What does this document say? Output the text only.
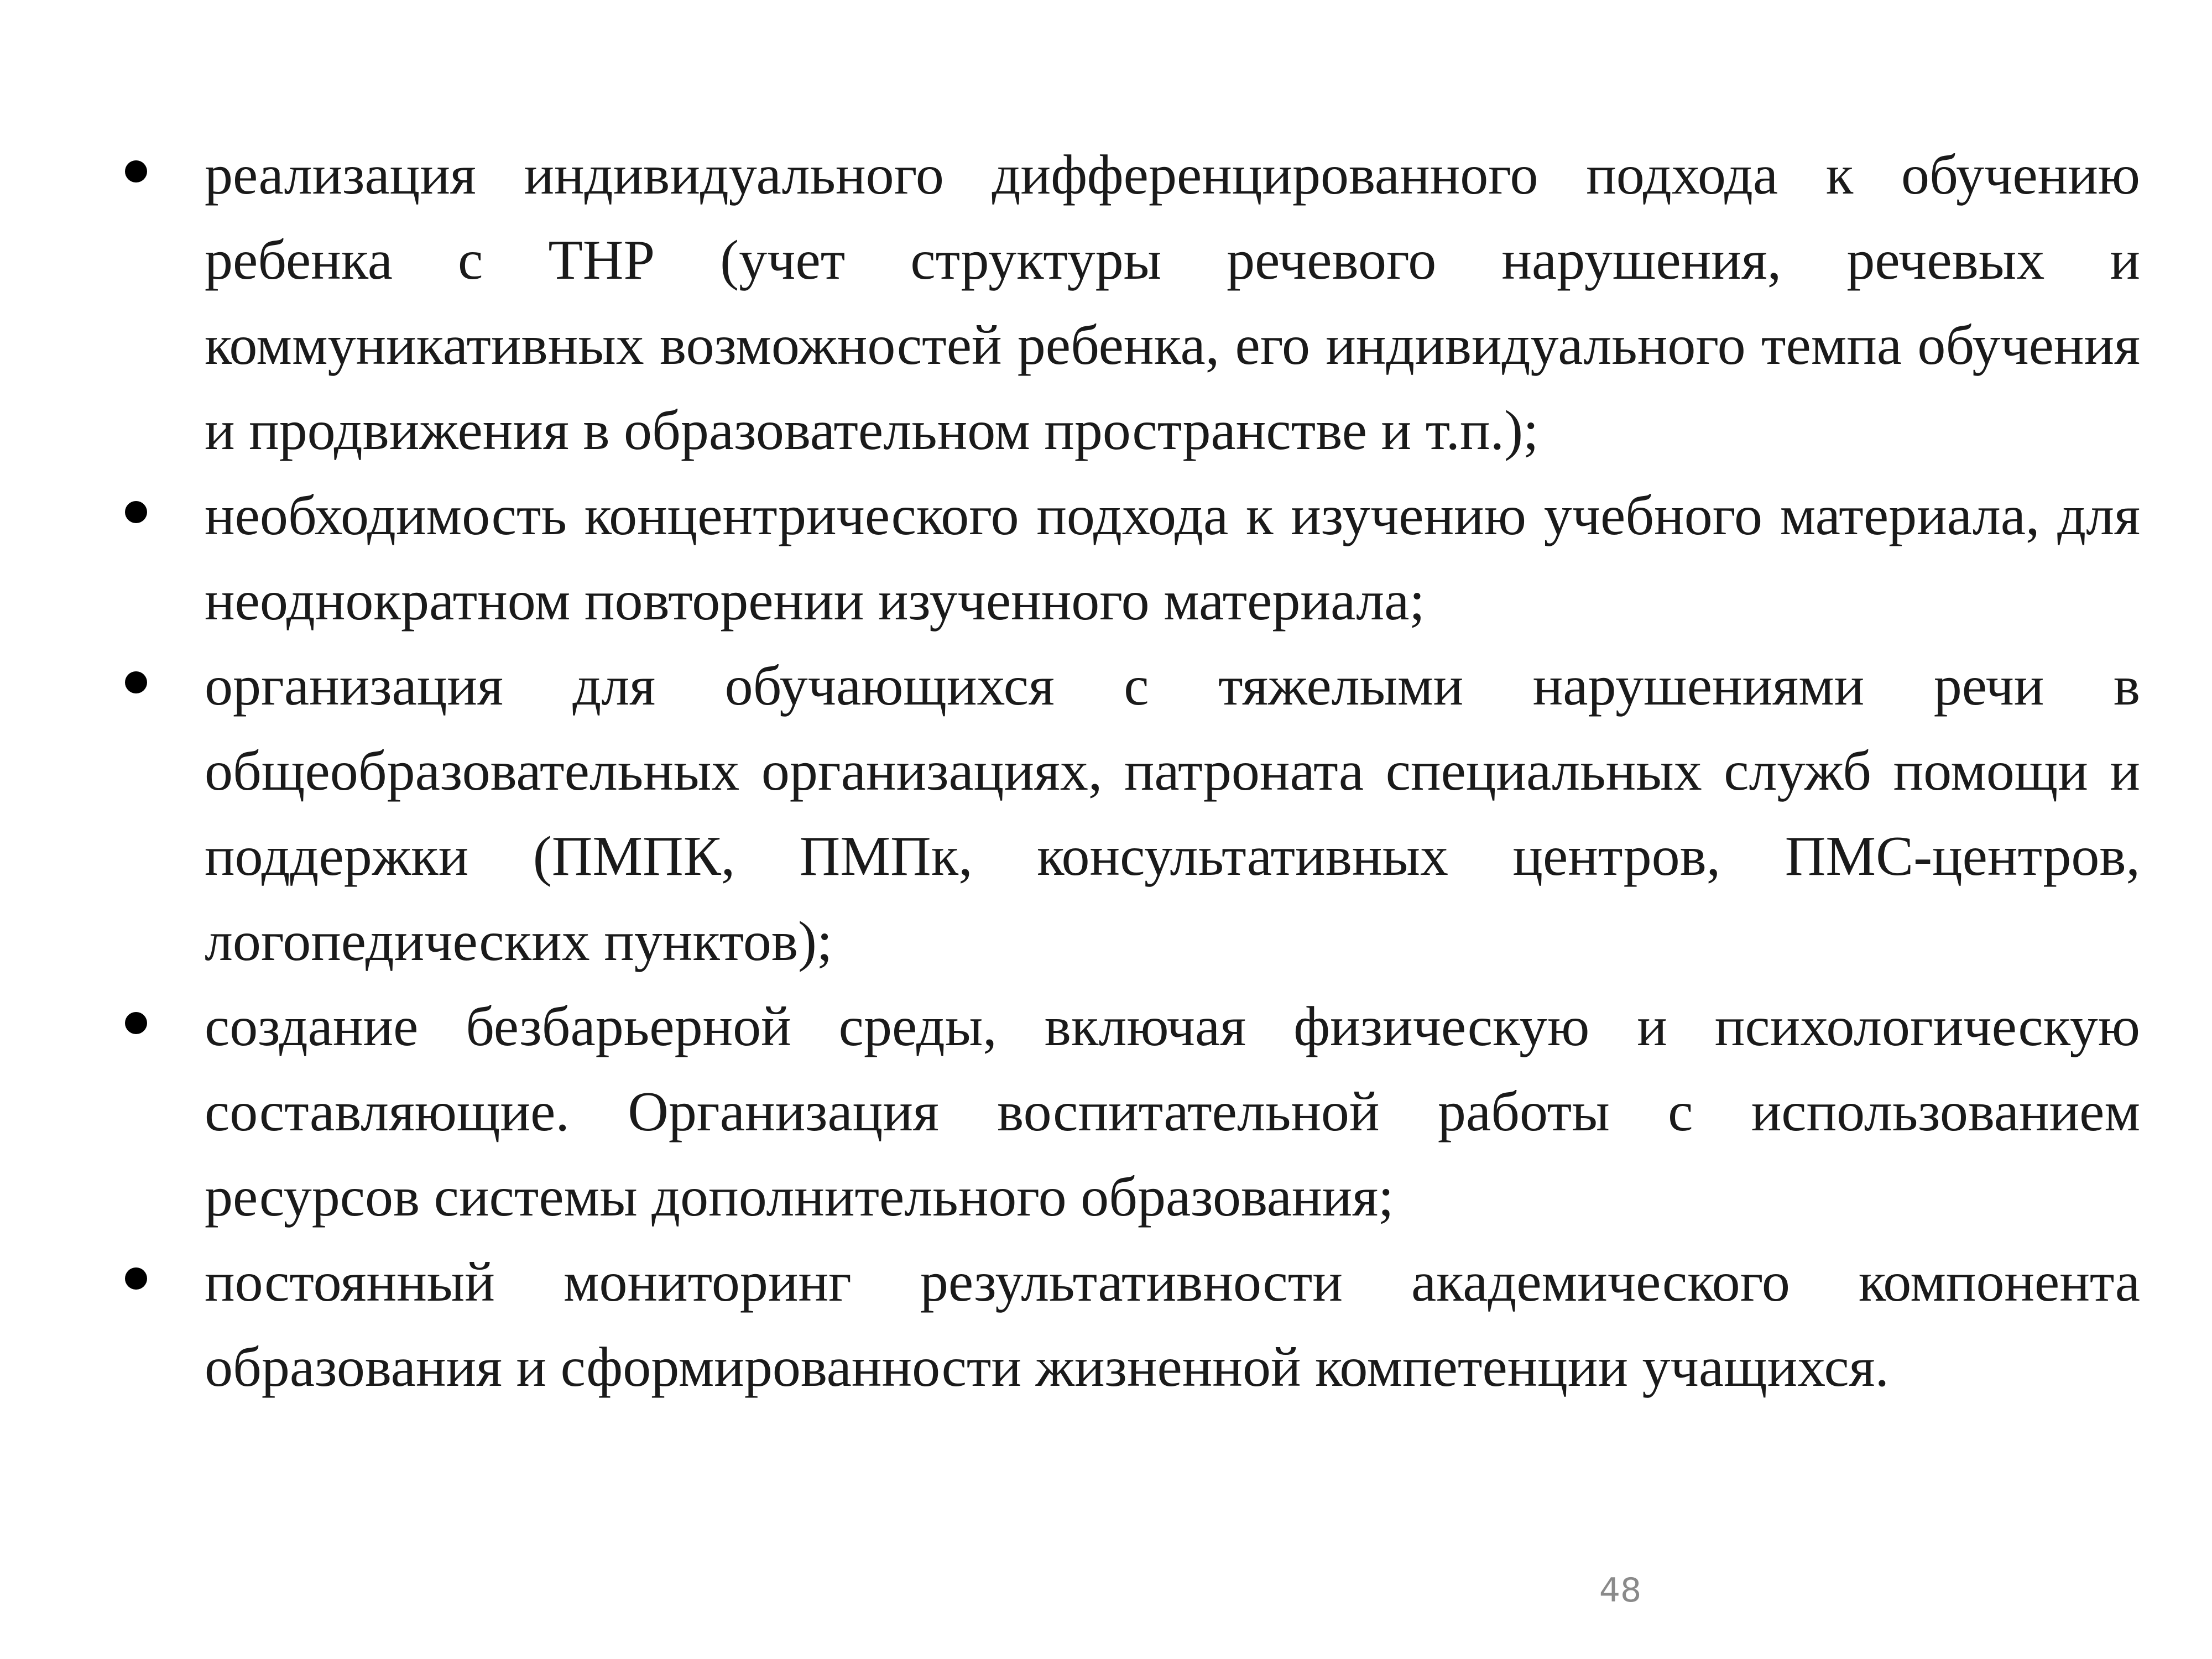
реализация индивидуального дифференцированного подхода к обучению ребенка с ТНР (учет структуры речевого нарушения, речевых и коммуникативных возможностей ребенка, его индивидуального темпа обучения и продвижения в образовательном пространстве и т.п.);
необходимость концентрического подхода к изучению учебного материала, для неоднократном повторении изученного материала;
организация для обучающихся с тяжелыми нарушениями речи в общеобразовательных организациях, патроната специальных служб помощи и поддержки (ПМПК, ПМПк, консультативных центров, ПМС-центров, логопедических пунктов);
создание безбарьерной среды, включая физическую и психологическую составляющие. Организация воспитательной работы с использованием ресурсов системы дополнительного образования;
постоянный мониторинг результативности академического компонента образования и сформированности жизненной компетенции учащихся.
48
